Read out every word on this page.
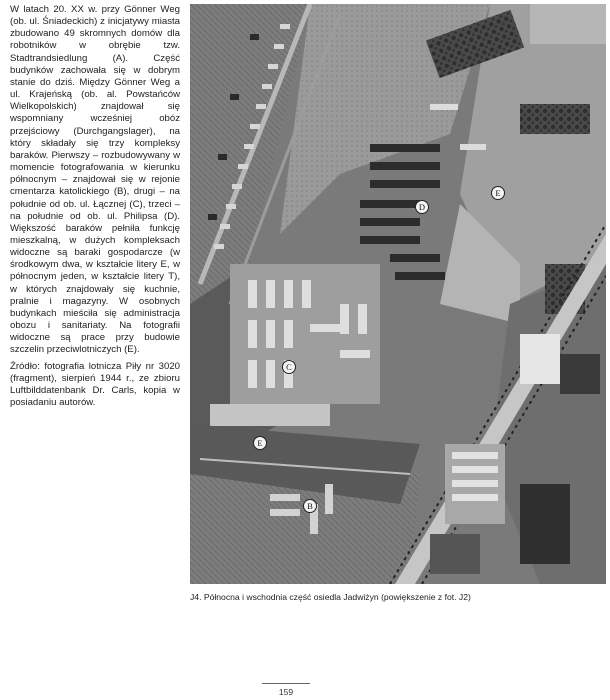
W latach 20. XX w. przy Gönner Weg (ob. ul. Śniadeckich) z inicjatywy miasta zbudowano 49 skromnych domów dla robotników w obrębie tzw. Stadtrandsiedlung (A). Część budynków zachowała się w dobrym stanie do dziś. Między Gönner Weg a ul. Krajeńską (ob. al. Powstańców Wielkopolskich) znajdował się wspomniany wcześniej obóz przejściowy (Durchgangslager), na który składały się trzy kompleksy baraków. Pierwszy – rozbudowywany w momencie fotografowania w kierunku północnym – znajdował się w rejonie cmentarza katolickiego (B), drugi – na południe od ob. ul. Łącznej (C), trzeci – na południe od ob. ul. Philipsa (D). Większość baraków pełniła funkcję mieszkalną, w dużych kompleksach widoczne są baraki gospodarcze (w środkowym dwa, w kształcie litery E, w północnym jeden, w kształcie litery T), w których znajdowały się kuchnie, pralnie i magazyny. W osobnych budynkach mieściła się administracja obozu i sanitariaty. Na fotografii widoczne są prace przy budowie szczelin przeciwlotniczych (E).

Źródło: fotografia lotnicza Piły nr 3020 (fragment), sierpień 1944 r., ze zbioru Luftbilddatenbank Dr. Carls, kopia w posiadaniu autorów.

D
E
C
E
B
J4. Północna i wschodnia część osiedla Jadwiżyn (powiększenie z fot. J2)
159
